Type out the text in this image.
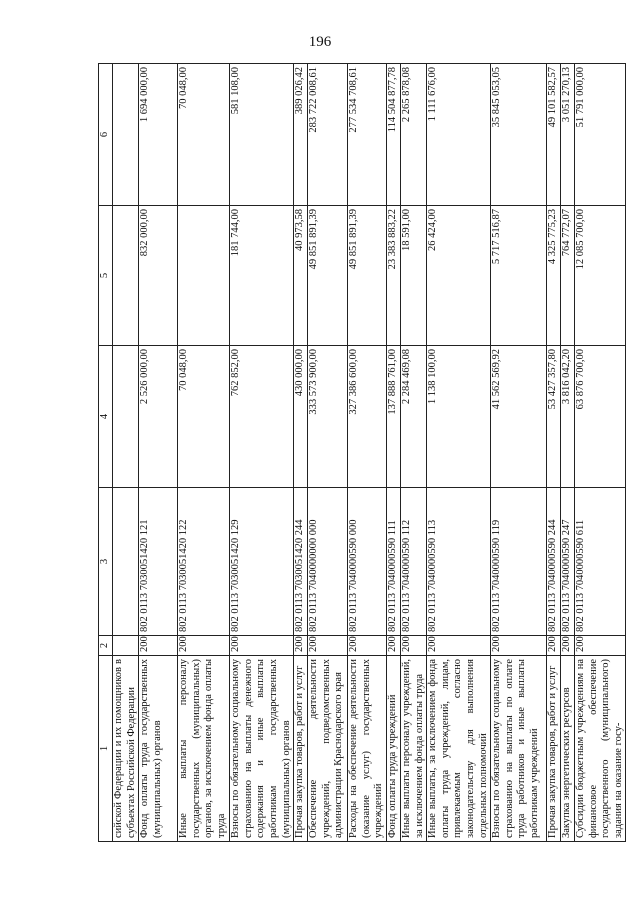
196
1	2	3	4	5	6
сийской Федерации и их помощников в субъектах Российской Федерации					
Фонд оплаты труда государственных (муниципальных) органов	200	802 0113 7030051420 121	2 526 000,00	832 000,00	1 694 000,00
Иные выплаты персоналу государственных (муниципальных) органов, за исключением фонда оплаты труда	200	802 0113 7030051420 122	70 048,00		70 048,00
Взносы по обязательному социальному страхованию на выплаты денежного содержания и иные выплаты работникам государственных (муниципальных) органов	200	802 0113 7030051420 129	762 852,00	181 744,00	581 108,00
Прочая закупка товаров, работ и услуг	200	802 0113 7030051420 244	430 000,00	40 973,58	389 026,42
Обеспечение деятельности учреждений, подведомственных администрации Краснодарского края	200	802 0113 7040000000 000	333 573 900,00	49 851 891,39	283 722 008,61
Расходы на обеспечение деятельности (оказание услуг) государственных учреждений	200	802 0113 7040000590 000	327 386 600,00	49 851 891,39	277 534 708,61
Фонд оплаты труда учреждений	200	802 0113 7040000590 111	137 888 761,00	23 383 883,22	114 504 877,78
Иные выплаты персоналу учреждений, за исключением фонда оплаты труда	200	802 0113 7040000590 112	2 284 469,08	18 591,00	2 265 878,08
Иные выплаты, за исключением фонда оплаты труда учреждений, лицам, привлекаемым согласно законодательству для выполнения отдельных полномочий	200	802 0113 7040000590 113	1 138 100,00	26 424,00	1 111 676,00
Взносы по обязательному социальному страхованию на выплаты по оплате труда работников и иные выплаты работникам учреждений	200	802 0113 7040000590 119	41 562 569,92	5 717 516,87	35 845 053,05
Прочая закупка товаров, работ и услуг	200	802 0113 7040000590 244	53 427 357,80	4 325 775,23	49 101 582,57
Закупка энергетических ресурсов	200	802 0113 7040000590 247	3 816 042,20	764 772,07	3 051 270,13
Субсидии бюджетным учреждениям на финансовое обеспечение государственного (муниципального) задания на оказание госу-	200	802 0113 7040000590 611	63 876 700,00	12 085 700,00	51 791 000,00
